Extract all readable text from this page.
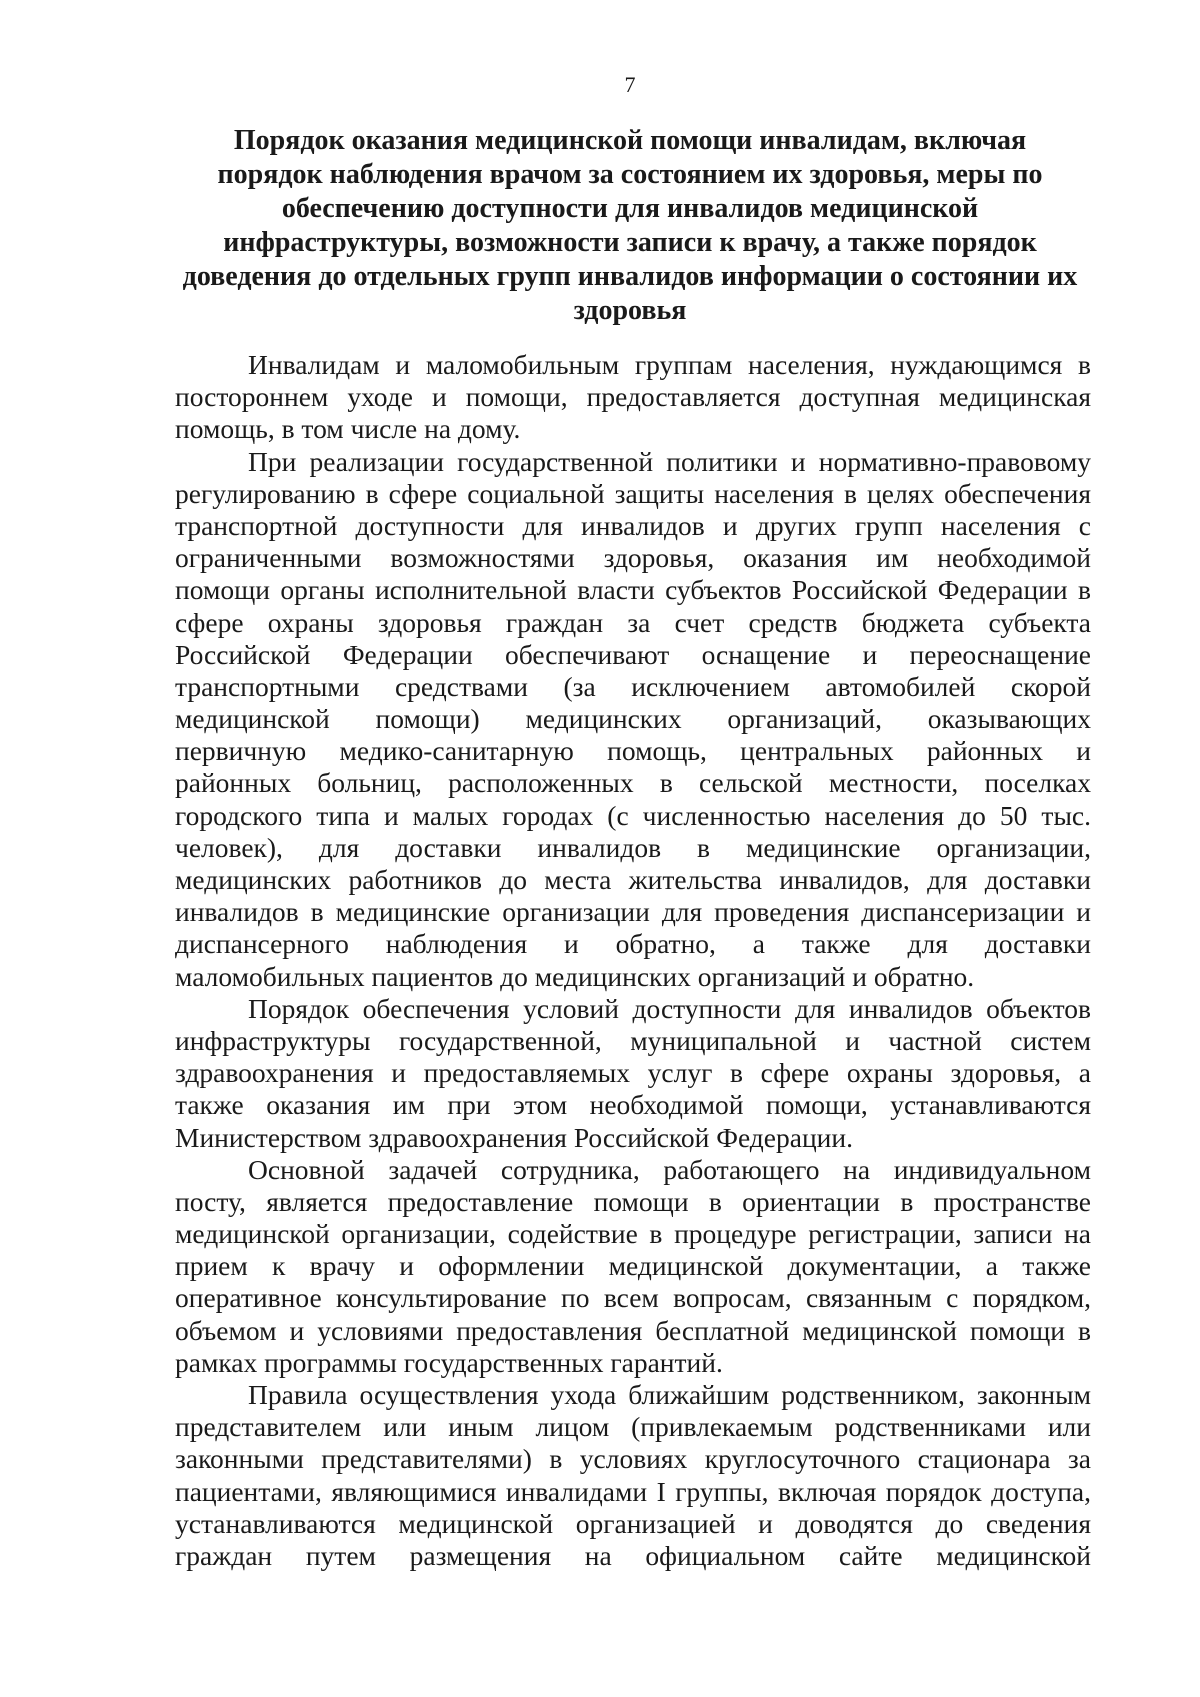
7
Порядок оказания медицинской помощи инвалидам, включая
порядок наблюдения врачом за состоянием их здоровья, меры по
обеспечению доступности для инвалидов медицинской
инфраструктуры, возможности записи к врачу, а также порядок
доведения до отдельных групп инвалидов информации о состоянии их
здоровья
Инвалидам и маломобильным группам населения, нуждающимся в
постороннем уходе и помощи, предоставляется доступная медицинская
помощь, в том числе на дому.
При реализации государственной политики и нормативно-правовому
регулированию в сфере социальной защиты населения в целях обеспечения
транспортной доступности для инвалидов и других групп населения с
ограниченными возможностями здоровья, оказания им необходимой
помощи органы исполнительной власти субъектов Российской Федерации в
сфере охраны здоровья граждан за счет средств бюджета субъекта
Российской Федерации обеспечивают оснащение и переоснащение
транспортными средствами (за исключением автомобилей скорой
медицинской помощи) медицинских организаций, оказывающих
первичную медико-санитарную помощь, центральных районных и
районных больниц, расположенных в сельской местности, поселках
городского типа и малых городах (с численностью населения до 50 тыс.
человек), для доставки инвалидов в медицинские организации,
медицинских работников до места жительства инвалидов, для доставки
инвалидов в медицинские организации для проведения диспансеризации и
диспансерного наблюдения и обратно, а также для доставки
маломобильных пациентов до медицинских организаций и обратно.
Порядок обеспечения условий доступности для инвалидов объектов
инфраструктуры государственной, муниципальной и частной систем
здравоохранения и предоставляемых услуг в сфере охраны здоровья, а
также оказания им при этом необходимой помощи, устанавливаются
Министерством здравоохранения Российской Федерации.
Основной задачей сотрудника, работающего на индивидуальном
посту, является предоставление помощи в ориентации в пространстве
медицинской организации, содействие в процедуре регистрации, записи на
прием к врачу и оформлении медицинской документации, а также
оперативное консультирование по всем вопросам, связанным с порядком,
объемом и условиями предоставления бесплатной медицинской помощи в
рамках программы государственных гарантий.
Правила осуществления ухода ближайшим родственником, законным
представителем или иным лицом (привлекаемым родственниками или
законными представителями) в условиях круглосуточного стационара за
пациентами, являющимися инвалидами I группы, включая порядок доступа,
устанавливаются медицинской организацией и доводятся до сведения
граждан путем размещения на официальном сайте медицинской
